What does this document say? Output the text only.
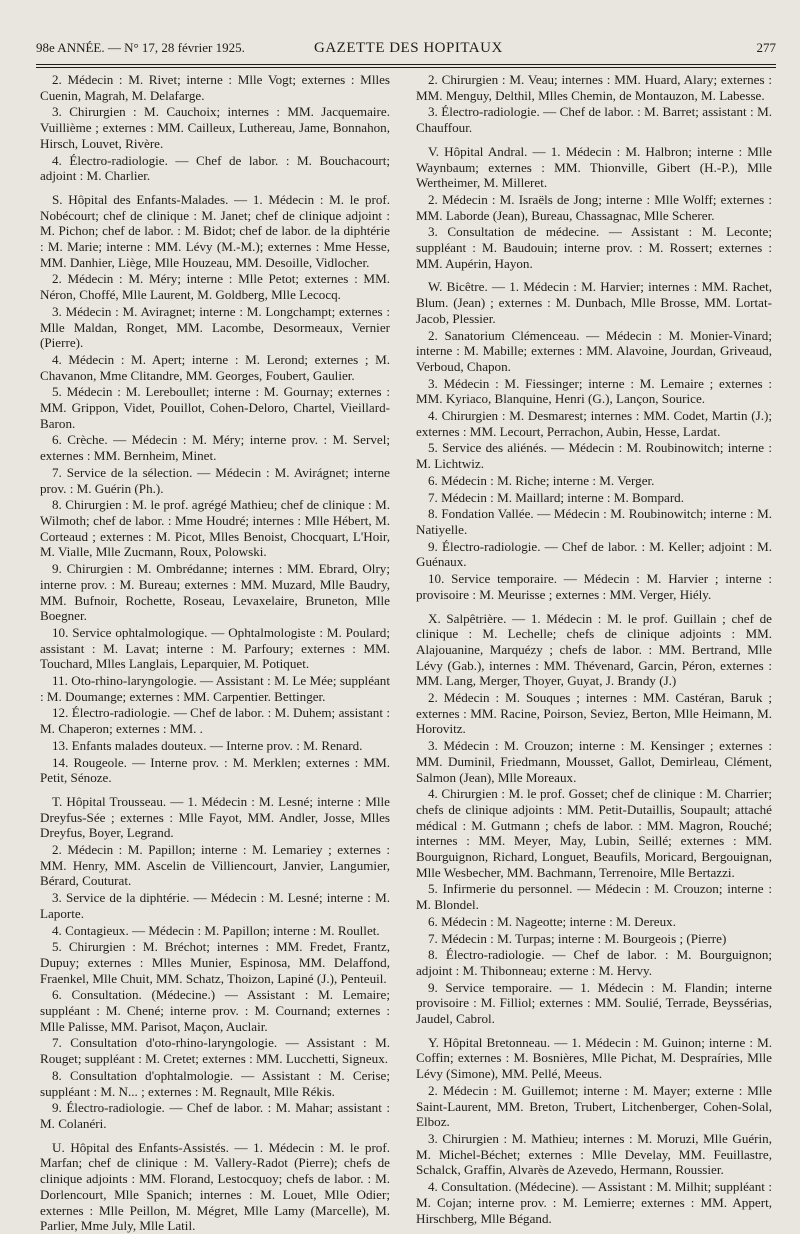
98e ANNÉE. — N° 17, 28 février 1925.	GAZETTE DES HOPITAUX	277

2. Médecin : M. Rivet; interne : Mlle Vogt; externes : Mlles Cuenin, Magrah, M. Delafarge.

3. Chirurgien : M. Cauchoix; internes : MM. Jacquemaire. Vuillième ; externes : MM. Cailleux, Luthereau, Jame, Bonnahon, Hirsch, Louvet, Rivère.

4. Électro-radiologie. — Chef de labor. : M. Bouchacourt; adjoint : M. Charlier.

S. Hôpital des Enfants-Malades. — 1. Médecin : M. le prof. Nobécourt; chef de clinique : M. Janet; chef de clinique adjoint : M. Pichon; chef de labor. : M. Bidot; chef de labor. de la diphtérie : M. Marie; interne : MM. Lévy (M.-M.); externes : Mme Hesse, MM. Danhier, Liège, Mlle Houzeau, MM. Desoille, Vidlocher.

2. Médecin : M. Méry; interne : Mlle Petot; externes : MM. Néron, Choffé, Mlle Laurent, M. Goldberg, Mlle Lecocq.

3. Médecin : M. Aviragnet; interne : M. Longchampt; externes : Mlle Maldan, Ronget, MM. Lacombe, Desormeaux, Vernier (Pierre).

4. Médecin : M. Apert; interne : M. Lerond; externes ; M. Chavanon, Mme Clitandre, MM. Georges, Foubert, Gaulier.

5. Médecin : M. Lereboullet; interne : M. Gournay; externes : MM. Grippon, Videt, Pouillot, Cohen-Deloro, Chartel, Vieillard-Baron.

6. Crèche. — Médecin : M. Méry; interne prov. : M. Servel; externes : MM. Bernheim, Minet.

7. Service de la sélection. — Médecin : M. Avirágnet; interne prov. : M. Guérin (Ph.).

8. Chirurgien : M. le prof. agrégé Mathieu; chef de clinique : M. Wilmoth; chef de labor. : Mme Houdré; internes : Mlle Hébert, M. Corteaud ; externes : M. Picot, Mlles Benoist, Chocquart, L'Hoir, M. Vialle, Mlle Zucmann, Roux, Polowski.

9. Chirurgien : M. Ombrédanne; internes : MM. Ebrard, Olry; interne prov. : M. Bureau; externes : MM. Muzard, Mlle Baudry, MM. Bufnoir, Rochette, Roseau, Levaxelaire, Bruneton, Mlle Boegner.

10. Service ophtalmologique. — Ophtalmologiste : M. Poulard; assistant : M. Lavat; interne : M. Parfoury; externes : MM. Touchard, Mlles Langlais, Leparquier, M. Potiquet.

11. Oto-rhino-laryngologie. — Assistant : M. Le Mée; suppléant : M. Doumange; externes : MM. Carpentier. Bettinger.

12. Électro-radiologie. — Chef de labor. : M. Duhem; assistant : M. Chaperon; externes : MM. .

13. Enfants malades douteux. — Interne prov. : M. Renard.

14. Rougeole. — Interne prov. : M. Merklen; externes : MM. Petit, Sénoze.

T. Hôpital Trousseau. — 1. Médecin : M. Lesné; interne : Mlle Dreyfus-Sée ; externes : Mlle Fayot, MM. Andler, Josse, Mlles Dreyfus, Boyer, Legrand.

2. Médecin : M. Papillon; interne : M. Lemariey ; externes : MM. Henry, MM. Ascelin de Villiencourt, Janvier, Langumier, Bérard, Couturat.

3. Service de la diphtérie. — Médecin : M. Lesné; interne : M. Laporte.

4. Contagieux. — Médecin : M. Papillon; interne : M. Roullet.

5. Chirurgien : M. Bréchot; internes : MM. Fredet, Frantz, Dupuy; externes : Mlles Munier, Espinosa, MM. Delaffond, Fraenkel, Mlle Chuit, MM. Schatz, Thoizon, Lapiné (J.), Penteuil.

6. Consultation. (Médecine.) — Assistant : M. Lemaire; suppléant : M. Chené; interne prov. : M. Cournand; externes : Mlle Palisse, MM. Parisot, Maçon, Auclair.

7. Consultation d'oto-rhino-laryngologie. — Assistant : M. Rouget; suppléant : M. Cretet; externes : MM. Lucchetti, Signeux.

8. Consultation d'ophtalmologie. — Assistant : M. Cerise; suppléant : M. N... ; externes : M. Regnault, Mlle Rékis.

9. Électro-radiologie. — Chef de labor. : M. Mahar; assistant : M. Colanéri.

U. Hôpital des Enfants-Assistés. — 1. Médecin : M. le prof. Marfan; chef de clinique : M. Vallery-Radot (Pierre); chefs de clinique adjoints : MM. Florand, Lestocquoy; chefs de labor. : M. Dorlencourt, Mlle Spanich; internes : M. Louet, Mlle Odier; externes : Mlle Peillon, M. Mégret, Mlle Lamy (Marcelle), M. Parlier, Mme July, Mlle Latil.

2. Chirurgien : M. Veau; internes : MM. Huard, Alary; externes : MM. Menguy, Delthil, Mlles Chemin, de Montauzon, M. Labesse.

3. Électro-radiologie. — Chef de labor. : M. Barret; assistant : M. Chauffour.

V. Hôpital Andral. — 1. Médecin : M. Halbron; interne : Mlle Waynbaum; externes : MM. Thionville, Gibert (H.-P.), Mlle Wertheimer, M. Milleret.

2. Médecin : M. Israëls de Jong; interne : Mlle Wolff; externes : MM. Laborde (Jean), Bureau, Chassagnac, Mlle Scherer.

3. Consultation de médecine. — Assistant : M. Leconte; suppléant : M. Baudouin; interne prov. : M. Rossert; externes : MM. Aupérin, Hayon.

W. Bicêtre. — 1. Médecin : M. Harvier; internes : MM. Rachet, Blum. (Jean) ; externes : M. Dunbach, Mlle Brosse, MM. Lortat-Jacob, Plessier.

2. Sanatorium Clémenceau. — Médecin : M. Monier-Vinard; interne : M. Mabille; externes : MM. Alavoine, Jourdan, Griveaud, Verboud, Chapon.

3. Médecin : M. Fiessinger; interne : M. Lemaire ; externes : MM. Kyriaco, Blanquine, Henri (G.), Lançon, Sourice.

4. Chirurgien : M. Desmarest; internes : MM. Codet, Martin (J.); externes : MM. Lecourt, Perrachon, Aubin, Hesse, Lardat.

5. Service des aliénés. — Médecin : M. Roubinowitch; interne : M. Lichtwiz.

6. Médecin : M. Riche; interne : M. Verger.

7. Médecin : M. Maillard; interne : M. Bompard.

8. Fondation Vallée. — Médecin : M. Roubinowitch; interne : M. Natiyelle.

9. Électro-radiologie. — Chef de labor. : M. Keller; adjoint : M. Guénaux.

10. Service temporaire. — Médecin : M. Harvier ; interne : provisoire : M. Meurisse ; externes : MM. Verger, Hiély.

X. Salpêtrière. — 1. Médecin : M. le prof. Guillain ; chef de clinique : M. Lechelle; chefs de clinique adjoints : MM. Alajouanine, Marquézy ; chefs de labor. : MM. Bertrand, Mlle Lévy (Gab.), internes : MM. Thévenard, Garcin, Péron, externes : MM. Lang, Merger, Thoyer, Guyat, J. Brandy (J.)

2. Médecin : M. Souques ; internes : MM. Castéran, Baruk ; externes : MM. Racine, Poirson, Seviez, Berton, Mlle Heimann, M. Horovitz.

3. Médecin : M. Crouzon; interne : M. Kensinger ; externes : MM. Duminil, Friedmann, Mousset, Gallot, Demirleau, Clément, Salmon (Jean), Mlle Moreaux.

4. Chirurgien : M. le prof. Gosset; chef de clinique : M. Charrier; chefs de clinique adjoints : MM. Petit-Dutaillis, Soupault; attaché médical : M. Gutmann ; chefs de labor. : MM. Magron, Rouché; internes : MM. Meyer, May, Lubin, Seillé; externes : MM. Bourguignon, Richard, Longuet, Beaufils, Moricard, Bergouignan, Mlle Wesbecher, MM. Bachmann, Terrenoire, Mlle Bertazzi.

5. Infirmerie du personnel. — Médecin : M. Crouzon; interne : M. Blondel.

6. Médecin : M. Nageotte; interne : M. Dereux.

7. Médecin : M. Turpas; interne : M. Bourgeois ; (Pierre)

8. Électro-radiologie. — Chef de labor. : M. Bourguignon; adjoint : M. Thibonneau; externe : M. Hervy.

9. Service temporaire. — 1. Médecin : M. Flandin; interne provisoire : M. Filliol; externes : MM. Soulié, Terrade, Beyssérias, Jaudel, Cabrol.

Y. Hôpital Bretonneau. — 1. Médecin : M. Guinon; interne : M. Coffin; externes : M. Bosnières, Mlle Pichat, M. Despraíries, Mlle Lévy (Simone), MM. Pellé, Meeus.

2. Médecin : M. Guillemot; interne : M. Mayer; externe : Mlle Saint-Laurent, MM. Breton, Trubert, Litchenberger, Cohen-Solal, Elboz.

3. Chirurgien : M. Mathieu; internes : M. Moruzi, Mlle Guérin, M. Michel-Béchet; externes : Mlle Develay, MM. Feuillastre, Schalck, Graffin, Alvarès de Azevedo, Hermann, Roussier.

4. Consultation. (Médecine). — Assistant : M. Milhit; suppléant : M. Cojan; interne prov. : M. Lemierre; externes : MM. Appert, Hirschberg, Mlle Bégand.
